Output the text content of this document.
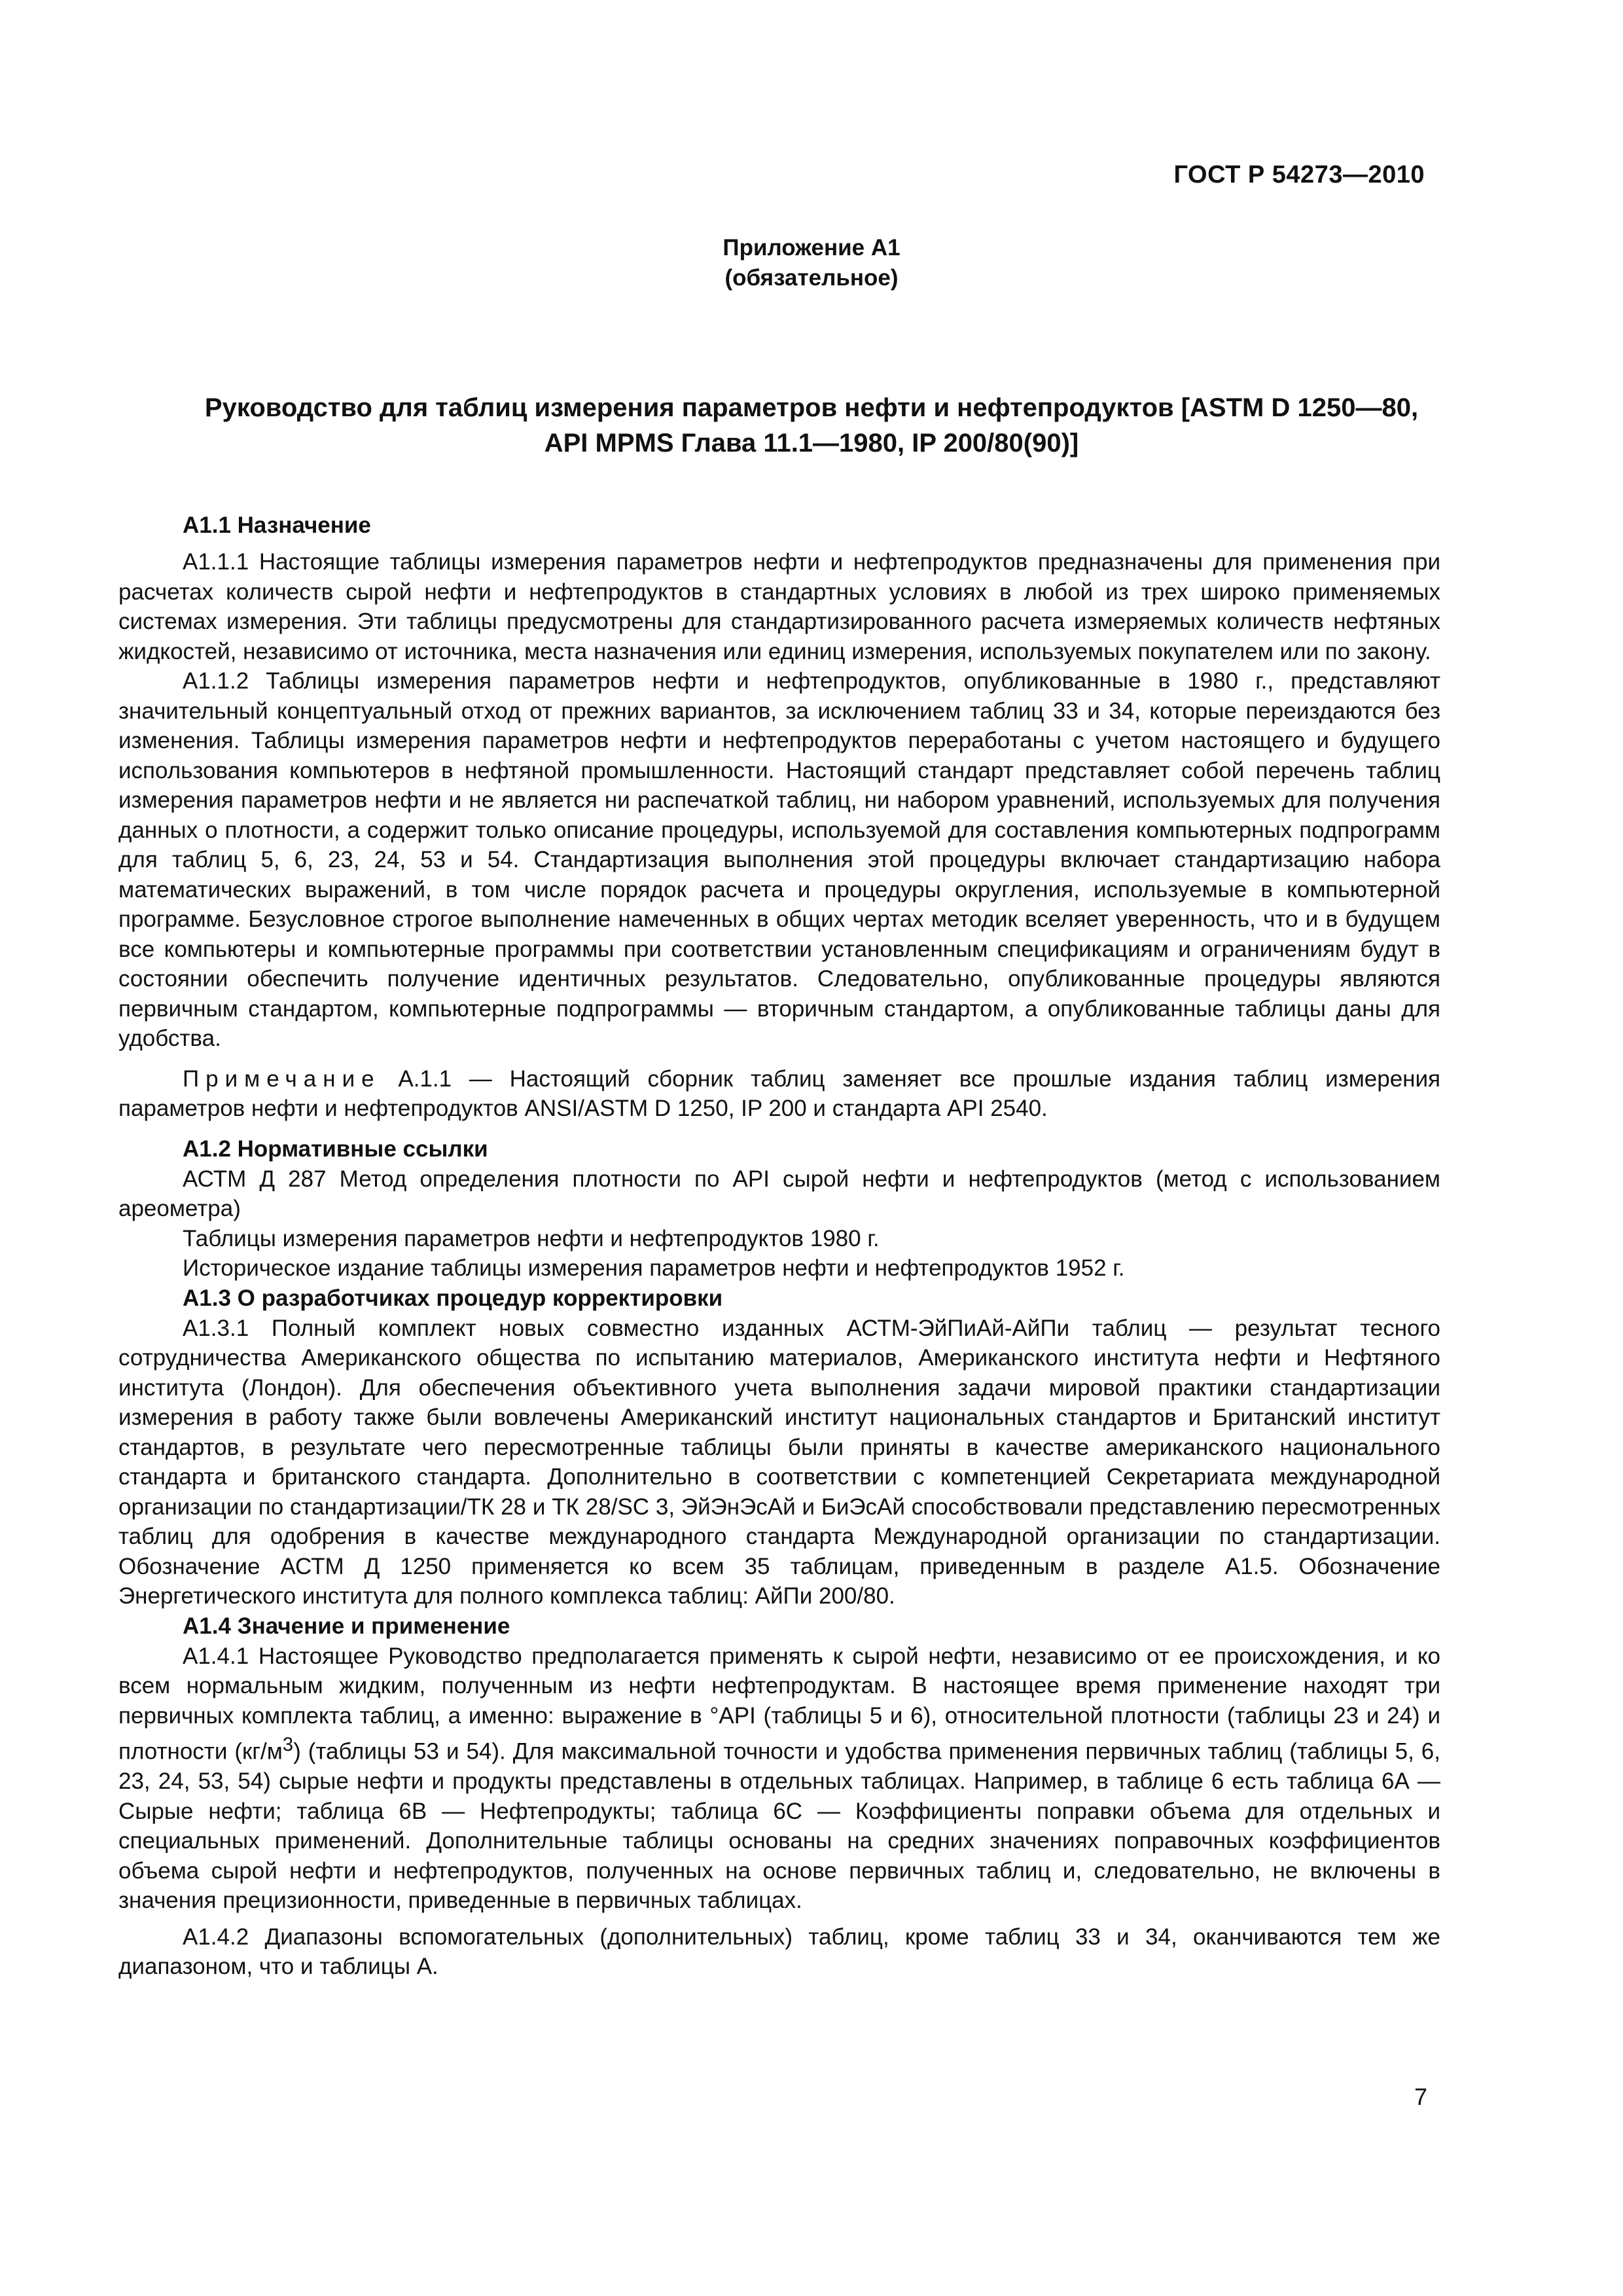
ГОСТ Р 54273—2010
Приложение А1
(обязательное)
Руководство для таблиц измерения параметров нефти и нефтепродуктов [ASTM D 1250—80,
API MPMS Глава 11.1—1980, IP 200/80(90)]
А1.1 Назначение

А1.1.1 Настоящие таблицы измерения параметров нефти и нефтепродуктов предназначены для применения при расчетах количеств сырой нефти и нефтепродуктов в стандартных условиях в любой из трех широко применяемых системах измерения. Эти таблицы предусмотрены для стандартизированного расчета измеряемых количеств нефтяных жидкостей, независимо от источника, места назначения или единиц измерения, используемых покупателем или по закону.

А1.1.2 Таблицы измерения параметров нефти и нефтепродуктов, опубликованные в 1980 г., представляют значительный концептуальный отход от прежних вариантов, за исключением таблиц 33 и 34, которые переиздаются без изменения. Таблицы измерения параметров нефти и нефтепродуктов переработаны с учетом настоящего и будущего использования компьютеров в нефтяной промышленности. Настоящий стандарт представляет собой перечень таблиц измерения параметров нефти и не является ни распечаткой таблиц, ни набором уравнений, используемых для получения данных о плотности, а содержит только описание процедуры, используемой для составления компьютерных подпрограмм для таблиц 5, 6, 23, 24, 53 и 54. Стандартизация выполнения этой процедуры включает стандартизацию набора математических выражений, в том числе порядок расчета и процедуры округления, используемые в компьютерной программе. Безусловное строгое выполнение намеченных в общих чертах методик вселяет уверенность, что и в будущем все компьютеры и компьютерные программы при соответствии установленным спецификациям и ограничениям будут в состоянии обеспечить получение идентичных результатов. Следовательно, опубликованные процедуры являются первичным стандартом, компьютерные подпрограммы — вторичным стандартом, а опубликованные таблицы даны для удобства.

Примечание А.1.1 — Настоящий сборник таблиц заменяет все прошлые издания таблиц измерения параметров нефти и нефтепродуктов ANSI/ASTM D 1250, IP 200 и стандарта API 2540.

А1.2 Нормативные ссылки

АСТМ Д 287 Метод определения плотности по API сырой нефти и нефтепродуктов (метод с использованием ареометра)

Таблицы измерения параметров нефти и нефтепродуктов 1980 г.

Историческое издание таблицы измерения параметров нефти и нефтепродуктов 1952 г.

А1.3 О разработчиках процедур корректировки

А1.3.1 Полный комплект новых совместно изданных АСТМ-ЭйПиАй-АйПи таблиц — результат тесного сотрудничества Американского общества по испытанию материалов, Американского института нефти и Нефтяного института (Лондон). Для обеспечения объективного учета выполнения задачи мировой практики стандартизации измерения в работу также были вовлечены Американский институт национальных стандартов и Британский институт стандартов, в результате чего пересмотренные таблицы были приняты в качестве американского национального стандарта и британского стандарта. Дополнительно в соответствии с компетенцией Секретариата международной организации по стандартизации/ТК 28 и ТК 28/SC 3, ЭйЭнЭсАй и БиЭсАй способствовали представлению пересмотренных таблиц для одобрения в качестве международного стандарта Международной организации по стандартизации. Обозначение АСТМ Д 1250 применяется ко всем 35 таблицам, приведенным в разделе А1.5. Обозначение Энергетического института для полного комплекса таблиц: АйПи 200/80.

А1.4 Значение и применение

А1.4.1 Настоящее Руководство предполагается применять к сырой нефти, независимо от ее происхождения, и ко всем нормальным жидким, полученным из нефти нефтепродуктам. В настоящее время применение находят три первичных комплекта таблиц, а именно: выражение в °API (таблицы 5 и 6), относительной плотности (таблицы 23 и 24) и плотности $(кг/м^3)$ (таблицы 53 и 54). Для максимальной точности и удобства применения первичных таблиц (таблицы 5, 6, 23, 24, 53, 54) сырые нефти и продукты представлены в отдельных таблицах. Например, в таблице 6 есть таблица 6А — Сырые нефти; таблица 6В — Нефтепродукты; таблица 6С — Коэффициенты поправки объема для отдельных и специальных применений. Дополнительные таблицы основаны на средних значениях поправочных коэффициентов объема сырой нефти и нефтепродуктов, полученных на основе первичных таблиц и, следовательно, не включены в значения прецизионности, приведенные в первичных таблицах.

А1.4.2 Диапазоны вспомогательных (дополнительных) таблиц, кроме таблиц 33 и 34, оканчиваются тем же диапазоном, что и таблицы А.

7
